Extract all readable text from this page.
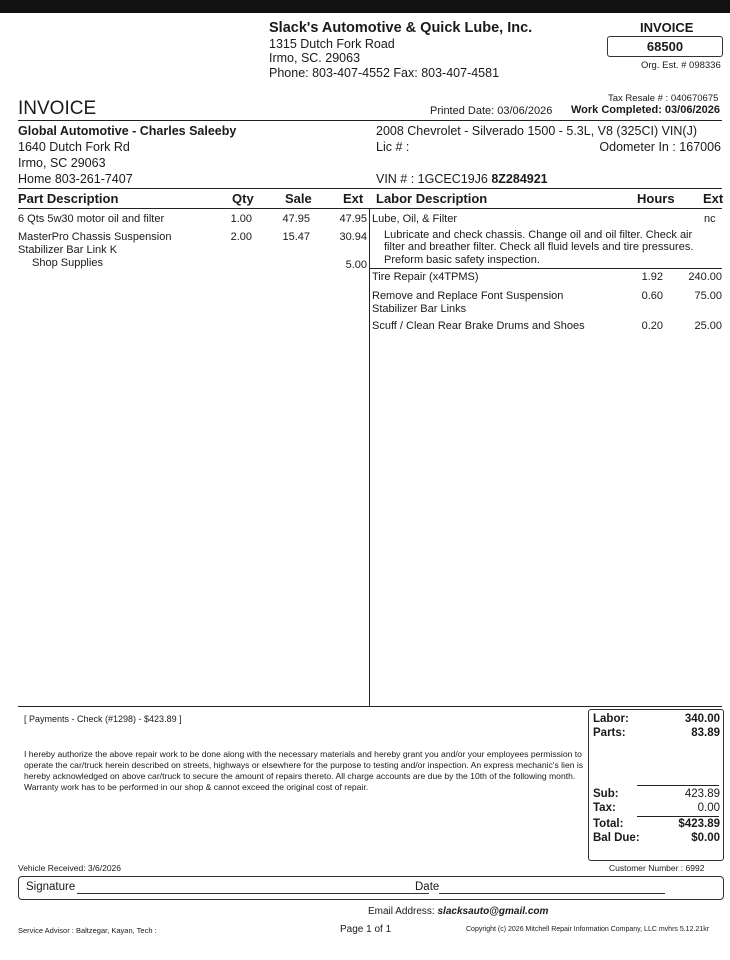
Slack's Automotive & Quick Lube, Inc.
1315 Dutch Fork Road
Irmo, SC. 29063
Phone: 803-407-4552 Fax: 803-407-4581
INVOICE
68500
Org. Est. # 098336
INVOICE	Tax Resale # : 040670675
Printed Date: 03/06/2026 Work Completed: 03/06/2026
Global Automotive - Charles Saleeby
1640 Dutch Fork Rd
Irmo, SC 29063
Home 803-261-7407
2008 Chevrolet - Silverado 1500 - 5.3L, V8 (325CI) VIN(J)
Lic # :	Odometer In : 167006
VIN # : 1GCEC19J6 8Z284921
Part Description	Qty Sale Ext Labor Description	Hours Ext
6 Qts 5w30 motor oil and filter	1.00	47.95	47.95
MasterPro Chassis Suspension
Stabilizer Bar Link K
2.00	15.47	30.94
Shop Supplies	5.00
Lube, Oil, & Filter	nc
Lubricate and check chassis. Change oil and oil filter. Check air
filter and breather filter. Check all fluid levels and tire pressures.
Preform basic safety inspection.
Tire Repair (x4TPMS)	1.92	240.00
Remove and Replace Font Suspension
Stabilizer Bar Links
0.60	75.00
Scuff / Clean Rear Brake Drums and Shoes	0.20	25.00
[ Payments - Check (#1298) - $423.89 ]
I hereby authorize the above repair work to be done along with the necessary materials and hereby grant you and/or your employees permission to operate the car/truck herein described on streets, highways or elsewhere for the purpose to testing and/or inspection. An express mechanic's lien is hereby acknowledged on above car/truck to secure the amount of repairs thereto. All charge accounts are due by the 10th of the following month. Warranty work has to be performed in our shop & cannot exceed the original cost of repair.
Labor:	340.00
Parts:	83.89
Sub:	423.89
Tax:	0.00
Total:	$423.89
Bal Due:	$0.00
Vehicle Received: 3/6/2026	Customer Number : 6992
Signature	Date
Email Address: slacksauto@gmail.com
Service Advisor : Baltzegar, Kayan, Tech :	Page 1 of 1	Copyright (c) 2026 Mitchell Repair Information Company, LLC mvhrs 5.12.21kr
